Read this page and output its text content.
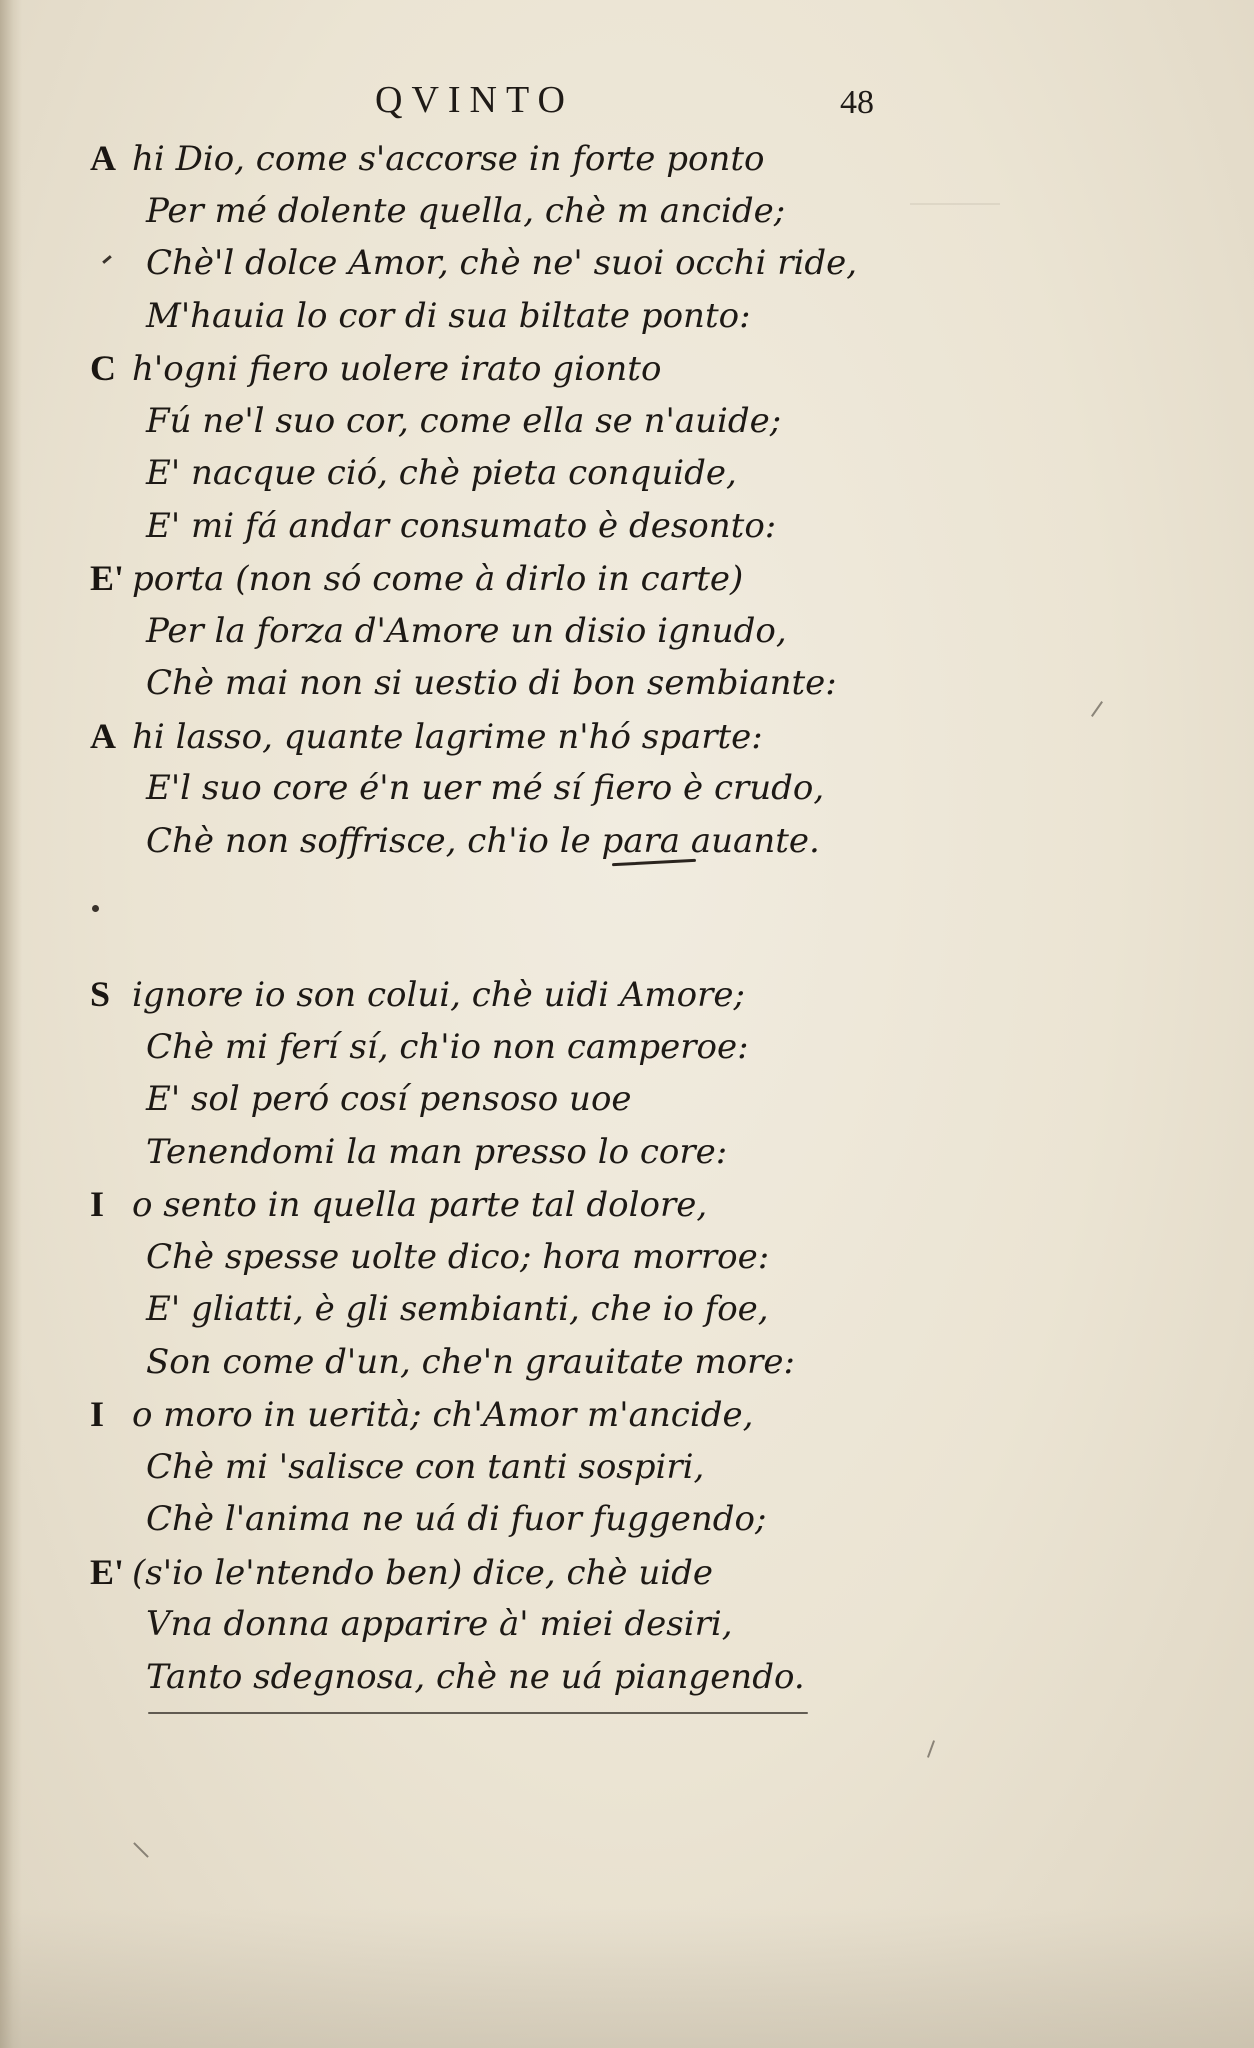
QVINTO	48
A hi Dio, come s'accorse in forte ponto
Per mé dolente quella, chè m ancide;
Chè'l dolce Amor, chè ne' suoi occhi ride,
M'hauia lo cor di sua biltate ponto:
C h'ogni fiero uolere irato gionto
Fú ne'l suo cor, come ella se n'auide;
E' nacque ció, chè pieta conquide,
E' mi fá andar consumato è desonto:
E' porta (non só come à dirlo in carte)
Per la forza d'Amore un disio ignudo,
Chè mai non si uestio di bon sembiante:
A hi lasso, quante lagrime n'hó sparte:
E'l suo core é'n uer mé sí fiero è crudo,
Chè non soffrisce, ch'io le para auante.
S ignore io son colui, chè uidi Amore;
Chè mi ferí sí, ch'io non camperoe:
E' sol peró cosí pensoso uoe
Tenendomi la man presso lo core:
I o sento in quella parte tal dolore,
Chè spesse uolte dico; hora morroe:
E' gliatti, è gli sembianti, che io foe,
Son come d'un, che'n grauitate more:
I o moro in uerità; ch'Amor m'ancide,
Chè mi 'salisce con tanti sospiri,
Chè l'anima ne uá di fuor fuggendo;
E' (s'io le'ntendo ben) dice, chè uide
Vna donna apparire à' miei desiri,
Tanto sdegnosa, chè ne uá piangendo.
